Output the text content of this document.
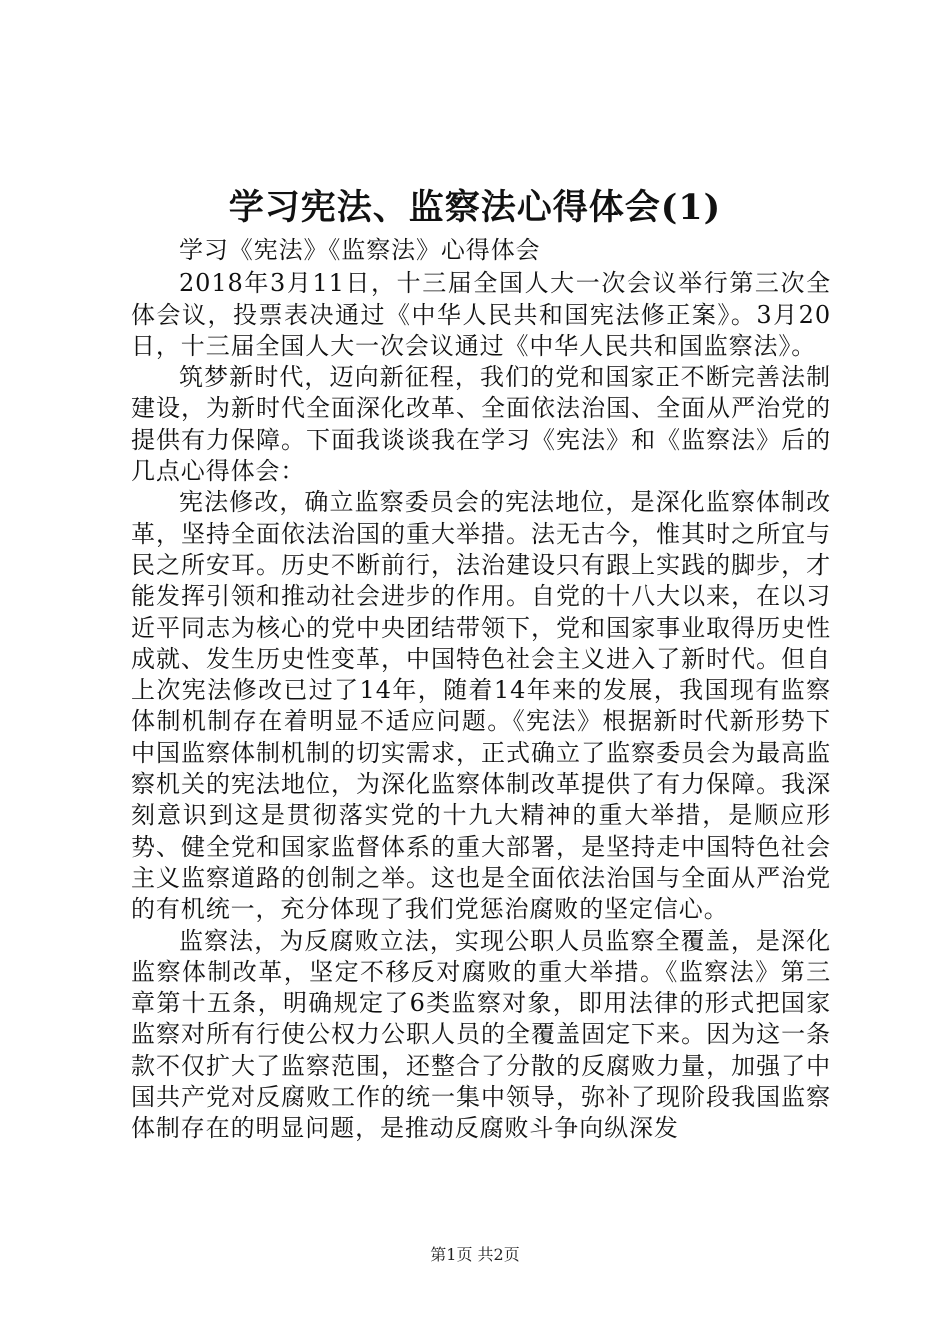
学习宪法、监察法心得体会(1)

学习《宪法》《监察法》心得体会

2018年3月11日，十三届全国人大一次会议举行第三次全体会议，投票表决通过《中华人民共和国宪法修正案》。3月20日，十三届全国人大一次会议通过《中华人民共和国监察法》。

筑梦新时代，迈向新征程，我们的党和国家正不断完善法制建设，为新时代全面深化改革、全面依法治国、全面从严治党的提供有力保障。下面我谈谈我在学习《宪法》和《监察法》后的几点心得体会：

宪法修改，确立监察委员会的宪法地位，是深化监察体制改革，坚持全面依法治国的重大举措。法无古今，惟其时之所宜与民之所安耳。历史不断前行，法治建设只有跟上实践的脚步，才能发挥引领和推动社会进步的作用。自党的十八大以来，在以习近平同志为核心的党中央团结带领下，党和国家事业取得历史性成就、发生历史性变革，中国特色社会主义进入了新时代。但自上次宪法修改已过了14年，随着14年来的发展，我国现有监察体制机制存在着明显不适应问题。《宪法》根据新时代新形势下中国监察体制机制的切实需求，正式确立了监察委员会为最高监察机关的宪法地位，为深化监察体制改革提供了有力保障。我深刻意识到这是贯彻落实党的十九大精神的重大举措，是顺应形势、健全党和国家监督体系的重大部署，是坚持走中国特色社会主义监察道路的创制之举。这也是全面依法治国与全面从严治党的有机统一，充分体现了我们党惩治腐败的坚定信心。

监察法，为反腐败立法，实现公职人员监察全覆盖，是深化监察体制改革，坚定不移反对腐败的重大举措。《监察法》第三章第十五条，明确规定了6类监察对象，即用法律的形式把国家监察对所有行使公权力公职人员的全覆盖固定下来。因为这一条款不仅扩大了监察范围，还整合了分散的反腐败力量，加强了中国共产党对反腐败工作的统一集中领导，弥补了现阶段我国监察体制存在的明显问题，是推动反腐败斗争向纵深发

第1页 共2页
